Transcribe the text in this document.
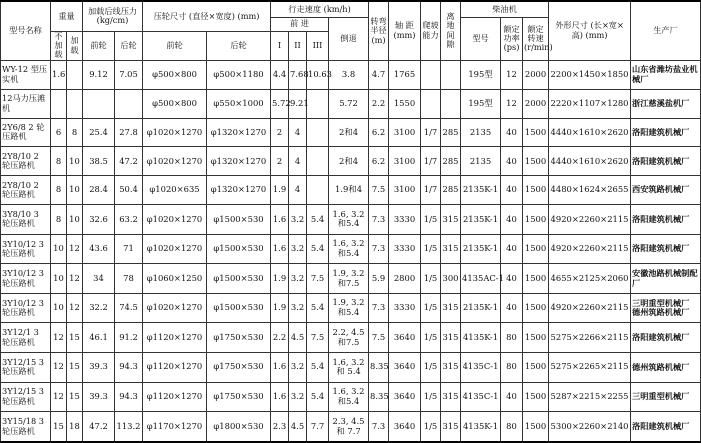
型号名称	重量		加载后线压力 (kg/cm)		压轮尺寸 (直径×宽度) (mm)		行走速度 (km/h)				转弯半径 (m)	轴 距 (mm)	爬坡能力	离 地 间 隙	柴油机			外形尺寸 (长×宽×高) (mm)	生产厂
							前 进			倒退					型号	额定功率 (ps)	额定转速 (r/min)		
	不加载	加载	前轮	后轮	前轮	后轮	I	II	III										
WY-12 型压实机	1.6		9.12	7.05	φ500×800	φ500×1180	4.4	7.68	10.63	3.8	4.7	1765			195型	12	2000	2200×1450×1850	山东省潍坊盐业机械厂
12马力压滩机					φ500×800	φ550×1000	5.72	9.21		5.72	2.2	1550			195型	12	2000	2220×1107×1280	浙江慈溪盐机厂
2Y6/8 2 轮压路机	6	8	25.4	27.8	φ1020×1270	φ1320×1270	2	4		2和4	6.2	3100	1/7	285	2135	40	1500	4440×1610×2620	洛阳建筑机械厂
2Y8/10 2 轮压路机	8	10	38.5	47.2	φ1020×1270	φ1320×1270	2	4		2和4	6.2	3100	1/7	285	2135	40	1500	4440×1610×2620	洛阳建筑机械厂
2Y8/10 2 轮压路机	8	10	28.4	50.4	φ1020×635	φ1320×1270	1.9	4		1.9和4	7.5	3100	1/7	285	2135K-1	40	1500	4480×1624×2655	西安筑路机械厂
3Y8/10 3 轮压路机	8	10	32.6	63.2	φ1020×1270	φ1500×530	1.6	3.2	5.4	1.6, 3.2 和5.4	7.3	3330	1/5	315	2135K-1	40	1500	4920×2260×2115	洛阳建筑机械厂
3Y10/12 3 轮压路机	10	12	43.6	71	φ1020×1270	φ1500×530	1.6	3.2	5.4	1.6, 3.2 和5.4	7.3	3330	1/5	315	2135K-1	40	1500	4920×2260×2115	洛阳建筑机械厂
3Y10/12 3 轮压路机	10	12	34	78	φ1060×1250	φ1500×530	1.9	3.2	7.5	1.9, 3.2 和7.5	5.9	2800	1/5	300	4135AC-1	40	1500	4655×2125×2060	安徽池路机械制配厂
3Y10/12 3 轮压路机	10	12	32.2	74.5	φ1020×1270	φ1500×530	1.9	3.2	5.4	1.9, 3.2 和5.4	7.3	3330	1/5	315	2135K-1	40	1500	4920×2260×2115	三明重型机械厂 德州筑路机械厂
3Y12/1 3 轮压路机	12	15	46.1	91.2	φ1120×1270	φ1750×530	2.2	4.5	7.5	2.2, 4.5 和7.5	7.5	3640	1/5	315	4135K-1	80	1500	5275×2266×2115	洛阳建筑机械厂
3Y12/15 3 轮压路机	12	15	39.3	94.3	φ1120×1270	φ1750×530	1.6	3.2	5.4	1.6, 3.2 和 5.4	8.35	3640	1/5	315	4135C-1	80	1500	5275×2265×2115	德州筑路机械厂
3Y12/15 3 轮压路机	12	15	39.3	94.3	φ1120×1270	φ1750×530	1.6	3.2	5.4	1.6, 3.2 和5.4	8.35	3640	1/5	315	4135C-1	40	1500	5287×2215×2255	三明重型机械厂
3Y15/18 3 轮压路机	15	18	47.2	113.2	φ1170×1270	φ1800×530	2.3	4.5	7.7	2.3, 4.5 和 7.7	7.3	3640	1/5	315	4135K-1	80	1500	5300×2260×2140	洛阳建筑机械厂
